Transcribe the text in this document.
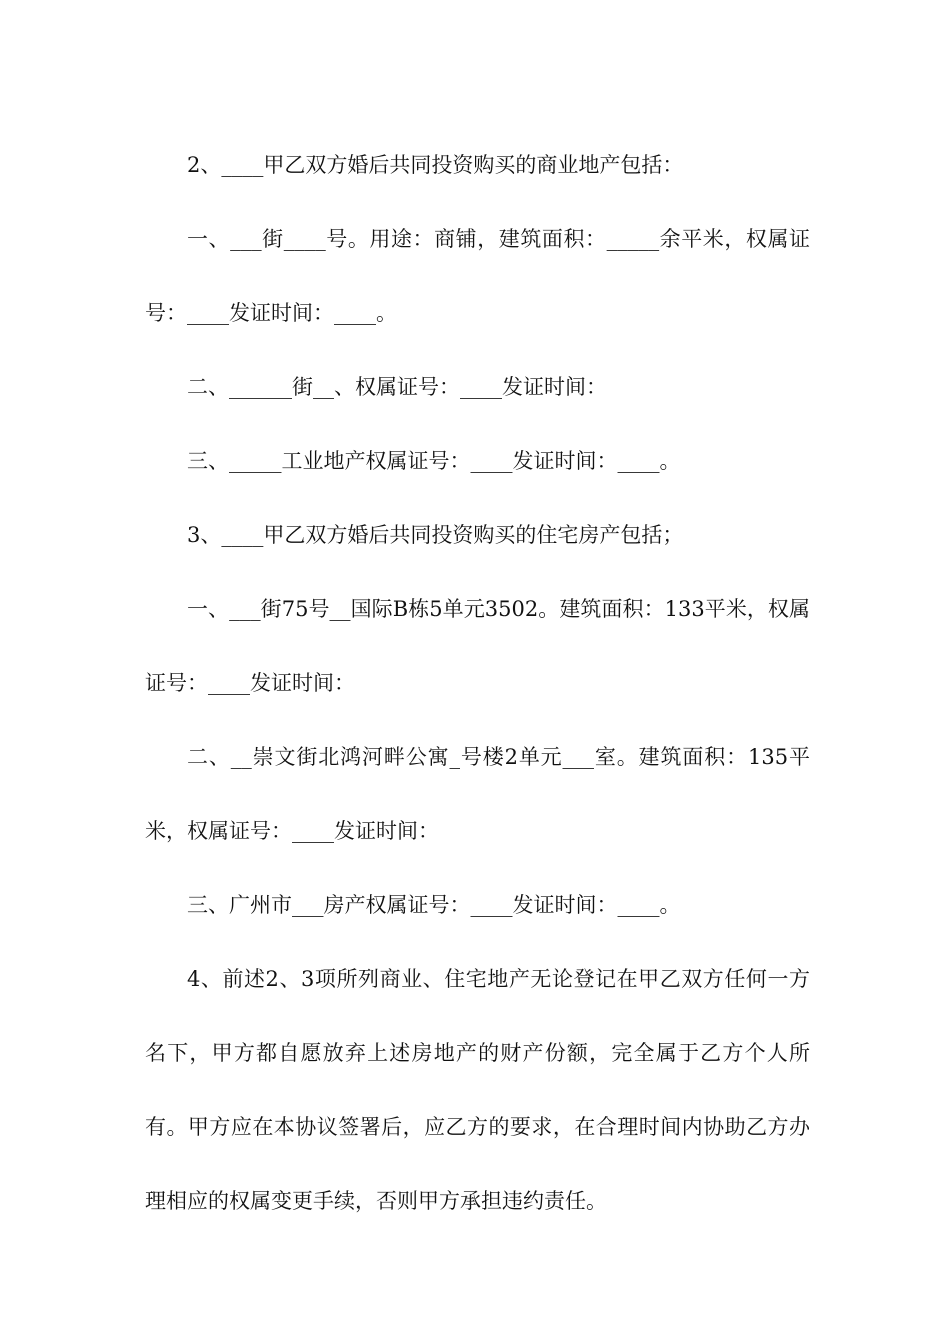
2、____甲乙双方婚后共同投资购买的商业地产包括：

一、___街____号。用途：商铺，建筑面积：_____余平米，权属证号：____发证时间：____。

二、______街__、权属证号：____发证时间：

三、_____工业地产权属证号：____发证时间：____。

3、____甲乙双方婚后共同投资购买的住宅房产包括；

一、___街75号__国际B栋5单元3502。建筑面积：133平米，权属证号：____发证时间：

二、__崇文街北鸿河畔公寓_号楼2单元___室。建筑面积：135平米，权属证号：____发证时间：

三、广州市___房产权属证号：____发证时间：____。

4、前述2、3项所列商业、住宅地产无论登记在甲乙双方任何一方名下，甲方都自愿放弃上述房地产的财产份额，完全属于乙方个人所有。甲方应在本协议签署后，应乙方的要求，在合理时间内协助乙方办理相应的权属变更手续，否则甲方承担违约责任。
